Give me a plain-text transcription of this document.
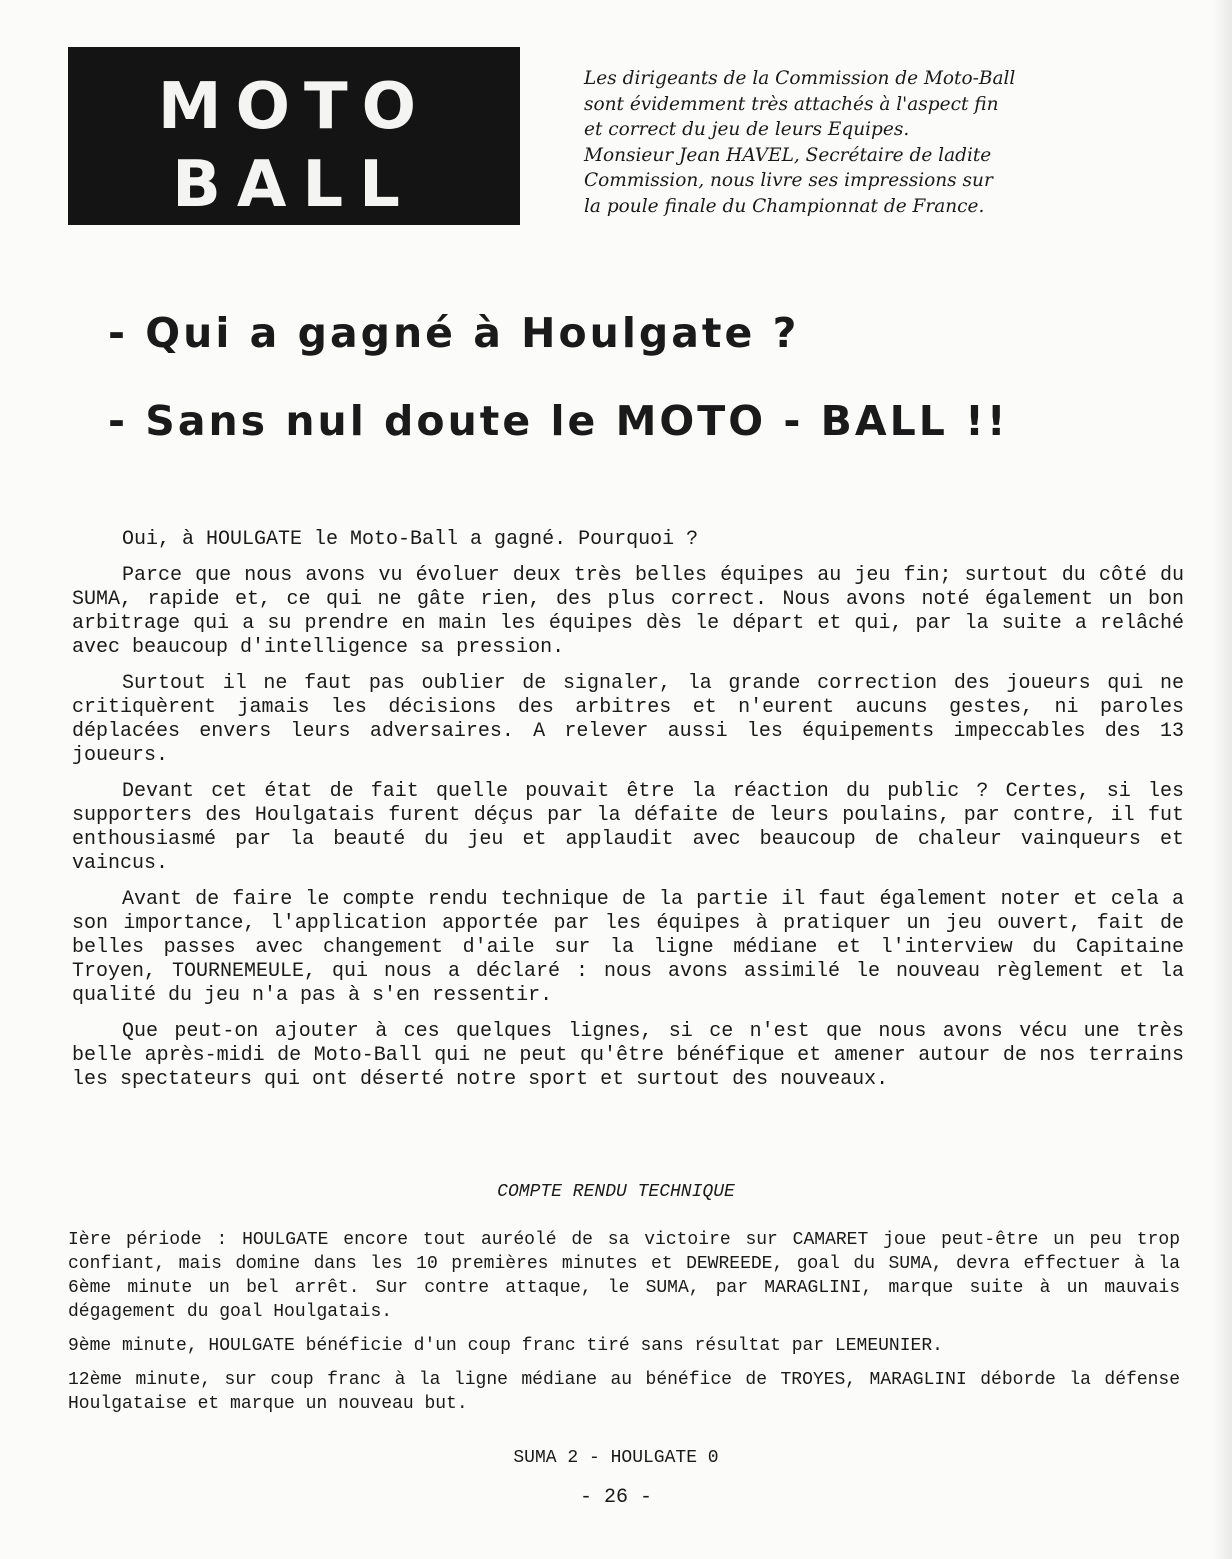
MOTO
BALL
Les dirigeants de la Commission de Moto-Ball
sont évidemment très attachés à l'aspect fin
et correct du jeu de leurs Equipes.
Monsieur Jean HAVEL, Secrétaire de ladite
Commission, nous livre ses impressions sur
la poule finale du Championnat de France.
- Qui a gagné à Houlgate ?
- Sans nul doute le MOTO - BALL !!

Oui, à HOULGATE le Moto-Ball a gagné. Pourquoi ?

Parce que nous avons vu évoluer deux très belles équipes au jeu fin; surtout du côté du SUMA, rapide et, ce qui ne gâte rien, des plus correct. Nous avons noté également un bon arbitrage qui a su prendre en main les équipes dès le départ et qui, par la suite a relâché avec beaucoup d'intelligence sa pression.

Surtout il ne faut pas oublier de signaler, la grande correction des joueurs qui ne critiquèrent jamais les décisions des arbitres et n'eurent aucuns gestes, ni paroles déplacées envers leurs adversaires. A relever aussi les équipements impeccables des 13 joueurs.

Devant cet état de fait quelle pouvait être la réaction du public ? Certes, si les supporters des Houlgatais furent déçus par la défaite de leurs poulains, par contre, il fut enthousiasmé par la beauté du jeu et applaudit avec beaucoup de chaleur vainqueurs et vaincus.

Avant de faire le compte rendu technique de la partie il faut également noter et cela a son importance, l'application apportée par les équipes à pratiquer un jeu ouvert, fait de belles passes avec changement d'aile sur la ligne médiane et l'interview du Capitaine Troyen, TOURNEMEULE, qui nous a déclaré : nous avons assimilé le nouveau règlement et la qualité du jeu n'a pas à s'en ressentir.

Que peut-on ajouter à ces quelques lignes, si ce n'est que nous avons vécu une très belle après-midi de Moto-Ball qui ne peut qu'être bénéfique et amener autour de nos terrains les spectateurs qui ont déserté notre sport et surtout des nouveaux.

COMPTE RENDU TECHNIQUE

Ière période : HOULGATE encore tout auréolé de sa victoire sur CAMARET joue peut-être un peu trop confiant, mais domine dans les 10 premières minutes et DEWREEDE, goal du SUMA, devra effectuer à la 6ème minute un bel arrêt. Sur contre attaque, le SUMA, par MARAGLINI, marque suite à un mauvais dégagement du goal Houlgatais.

9ème minute, HOULGATE bénéficie d'un coup franc tiré sans résultat par LEMEUNIER.

12ème minute, sur coup franc à la ligne médiane au bénéfice de TROYES, MARAGLINI déborde la défense Houlgataise et marque un nouveau but.

SUMA 2 - HOULGATE 0
- 26 -
